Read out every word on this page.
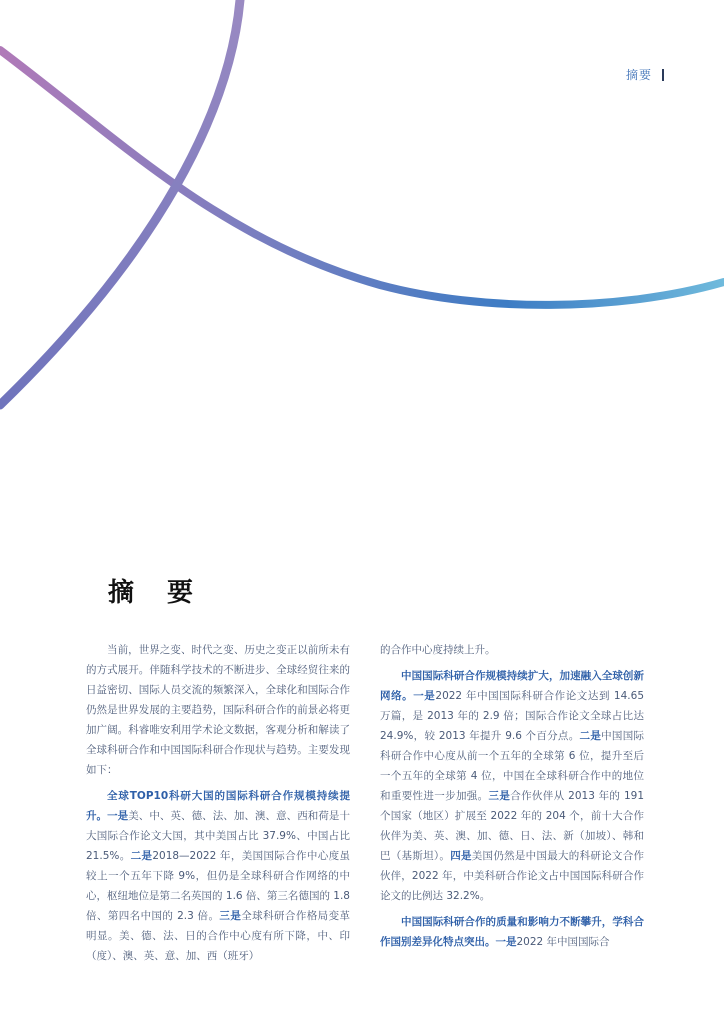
摘要
摘 要

当前，世界之变、时代之变、历史之变正以前所未有的方式展开。伴随科学技术的不断进步、全球经贸往来的日益密切、国际人员交流的频繁深入，全球化和国际合作仍然是世界发展的主要趋势，国际科研合作的前景必将更加广阔。科睿唯安利用学术论文数据，客观分析和解读了全球科研合作和中国国际科研合作现状与趋势。主要发现如下：

全球TOP10科研大国的国际科研合作规模持续提升。一是美、中、英、德、法、加、澳、意、西和荷是十大国际合作论文大国，其中美国占比 37.9%、中国占比 21.5%。二是2018—2022 年，美国国际合作中心度虽较上一个五年下降 9%，但仍是全球科研合作网络的中心，枢纽地位是第二名英国的 1.6 倍、第三名德国的 1.8 倍、第四名中国的 2.3 倍。三是全球科研合作格局变革明显。美、德、法、日的合作中心度有所下降，中、印（度）、澳、英、意、加、西（班牙）

的合作中心度持续上升。

中国国际科研合作规模持续扩大，加速融入全球创新网络。一是2022 年中国国际科研合作论文达到 14.65 万篇，是 2013 年的 2.9 倍；国际合作论文全球占比达 24.9%，较 2013 年提升 9.6 个百分点。二是中国国际科研合作中心度从前一个五年的全球第 6 位，提升至后一个五年的全球第 4 位，中国在全球科研合作中的地位和重要性进一步加强。三是合作伙伴从 2013 年的 191 个国家（地区）扩展至 2022 年的 204 个，前十大合作伙伴为美、英、澳、加、德、日、法、新（加坡）、韩和巴（基斯坦）。四是美国仍然是中国最大的科研论文合作伙伴，2022 年，中美科研合作论文占中国国际科研合作论文的比例达 32.2%。

中国国际科研合作的质量和影响力不断攀升，学科合作国别差异化特点突出。一是2022 年中国国际合
